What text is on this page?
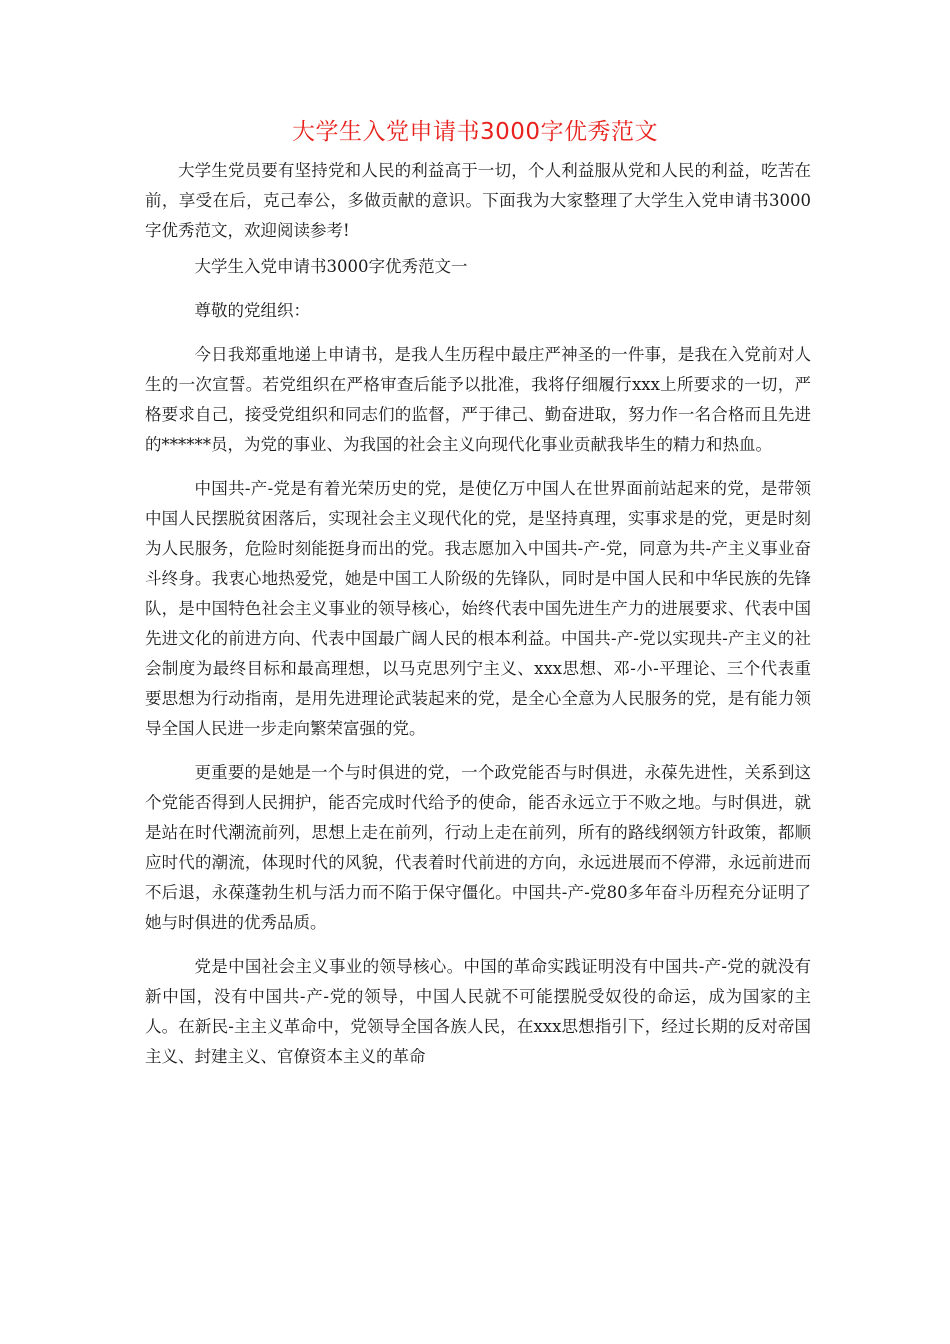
大学生入党申请书3000字优秀范文

大学生党员要有坚持党和人民的利益高于一切，个人利益服从党和人民的利益，吃苦在前，享受在后，克己奉公，多做贡献的意识。下面我为大家整理了大学生入党申请书3000字优秀范文，欢迎阅读参考!

大学生入党申请书3000字优秀范文一

尊敬的党组织：

今日我郑重地递上申请书，是我人生历程中最庄严神圣的一件事，是我在入党前对人生的一次宣誓。若党组织在严格审查后能予以批准，我将仔细履行xxx上所要求的一切，严格要求自己，接受党组织和同志们的监督，严于律己、勤奋进取，努力作一名合格而且先进的******员，为党的事业、为我国的社会主义向现代化事业贡献我毕生的精力和热血。

中国共-产-党是有着光荣历史的党，是使亿万中国人在世界面前站起来的党，是带领中国人民摆脱贫困落后，实现社会主义现代化的党，是坚持真理，实事求是的党，更是时刻为人民服务，危险时刻能挺身而出的党。我志愿加入中国共-产-党，同意为共-产主义事业奋斗终身。我衷心地热爱党，她是中国工人阶级的先锋队，同时是中国人民和中华民族的先锋队，是中国特色社会主义事业的领导核心，始终代表中国先进生产力的进展要求、代表中国先进文化的前进方向、代表中国最广阔人民的根本利益。中国共-产-党以实现共-产主义的社会制度为最终目标和最高理想，以马克思列宁主义、xxx思想、邓-小-平理论、三个代表重要思想为行动指南，是用先进理论武装起来的党，是全心全意为人民服务的党，是有能力领导全国人民进一步走向繁荣富强的党。

更重要的是她是一个与时俱进的党，一个政党能否与时俱进，永葆先进性，关系到这个党能否得到人民拥护，能否完成时代给予的使命，能否永远立于不败之地。与时俱进，就是站在时代潮流前列，思想上走在前列，行动上走在前列，所有的路线纲领方针政策，都顺应时代的潮流，体现时代的风貌，代表着时代前进的方向，永远进展而不停滞，永远前进而不后退，永葆蓬勃生机与活力而不陷于保守僵化。中国共-产-党80多年奋斗历程充分证明了她与时俱进的优秀品质。

党是中国社会主义事业的领导核心。中国的革命实践证明没有中国共-产-党的就没有新中国，没有中国共-产-党的领导，中国人民就不可能摆脱受奴役的命运，成为国家的主人。在新民-主主义革命中，党领导全国各族人民，在xxx思想指引下，经过长期的反对帝国主义、封建主义、官僚资本主义的革命
